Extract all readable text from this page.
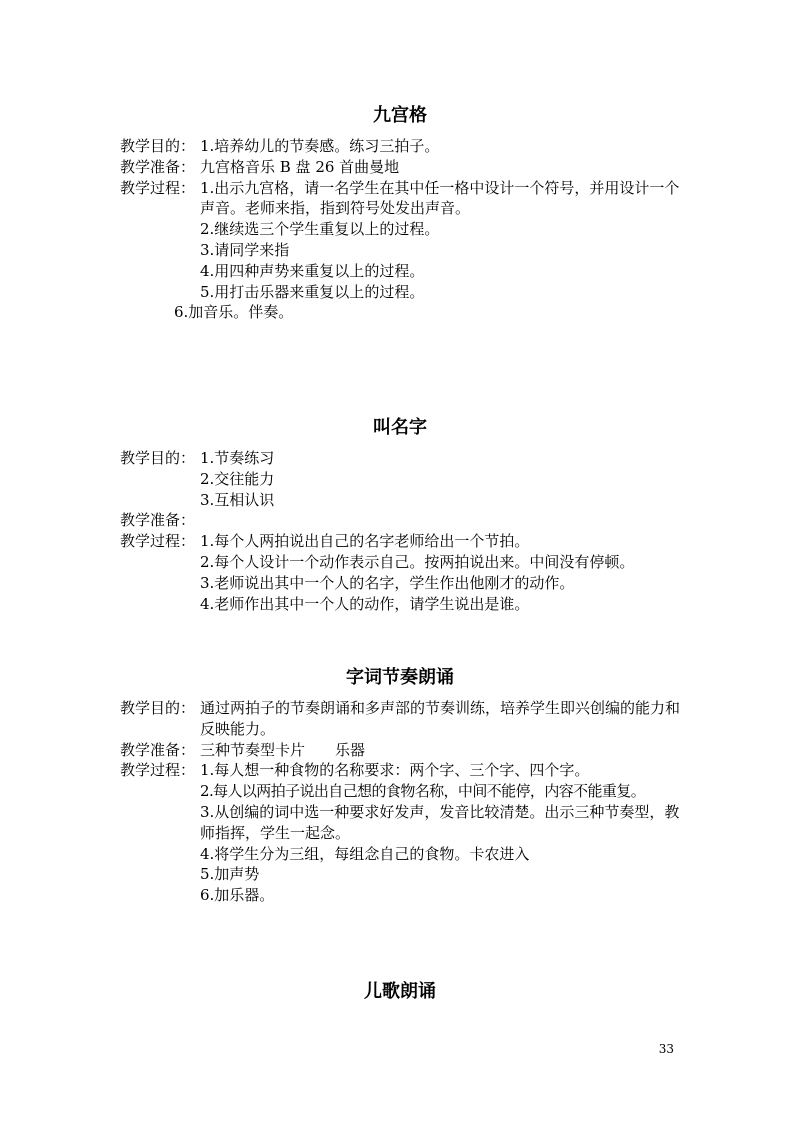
九宫格
教学目的： 1.培养幼儿的节奏感。练习三拍子。
教学准备： 九宫格音乐 B 盘 26 首曲曼地
教学过程： 1.出示九宫格，请一名学生在其中任一格中设计一个符号，并用设计一个声音。老师来指，指到符号处发出声音。
2.继续选三个学生重复以上的过程。
3.请同学来指
4.用四种声势来重复以上的过程。
5.用打击乐器来重复以上的过程。
6.加音乐。伴奏。
叫名字
教学目的： 1.节奏练习
2.交往能力
3.互相认识
教学准备：
教学过程： 1.每个人两拍说出自己的名字老师给出一个节拍。
2.每个人设计一个动作表示自己。按两拍说出来。中间没有停顿。
3.老师说出其中一个人的名字，学生作出他刚才的动作。
4.老师作出其中一个人的动作，请学生说出是谁。
字词节奏朗诵
教学目的： 通过两拍子的节奏朗诵和多声部的节奏训练，培养学生即兴创编的能力和反映能力。
教学准备： 三种节奏型卡片　　乐器
教学过程： 1.每人想一种食物的名称要求：两个字、三个字、四个字。
2.每人以两拍子说出自己想的食物名称，中间不能停，内容不能重复。
3.从创编的词中选一种要求好发声，发音比较清楚。出示三种节奏型，教师指挥，学生一起念。
4.将学生分为三组，每组念自己的食物。卡农进入
5.加声势
6.加乐器。
儿歌朗诵
33
